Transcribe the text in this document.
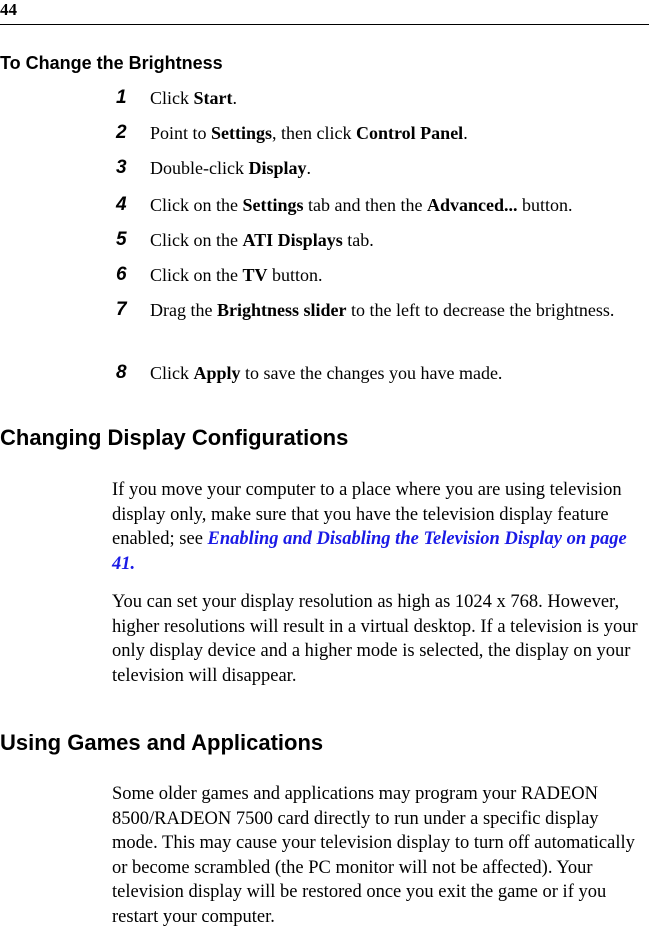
44
To Change the Brightness
1 Click Start.
2 Point to Settings, then click Control Panel.
3 Double-click Display.
4 Click on the Settings tab and then the Advanced... button.
5 Click on the ATI Displays tab.
6 Click on the TV button.
7 Drag the Brightness slider to the left to decrease the brightness.
8 Click Apply to save the changes you have made.
Changing Display Configurations
If you move your computer to a place where you are using television display only, make sure that you have the television display feature enabled; see Enabling and Disabling the Television Display on page 41.
You can set your display resolution as high as 1024 x 768. However, higher resolutions will result in a virtual desktop. If a television is your only display device and a higher mode is selected, the display on your television will disappear.
Using Games and Applications
Some older games and applications may program your RADEON 8500/RADEON 7500 card directly to run under a specific display mode. This may cause your television display to turn off automatically or become scrambled (the PC monitor will not be affected). Your television display will be restored once you exit the game or if you restart your computer.
